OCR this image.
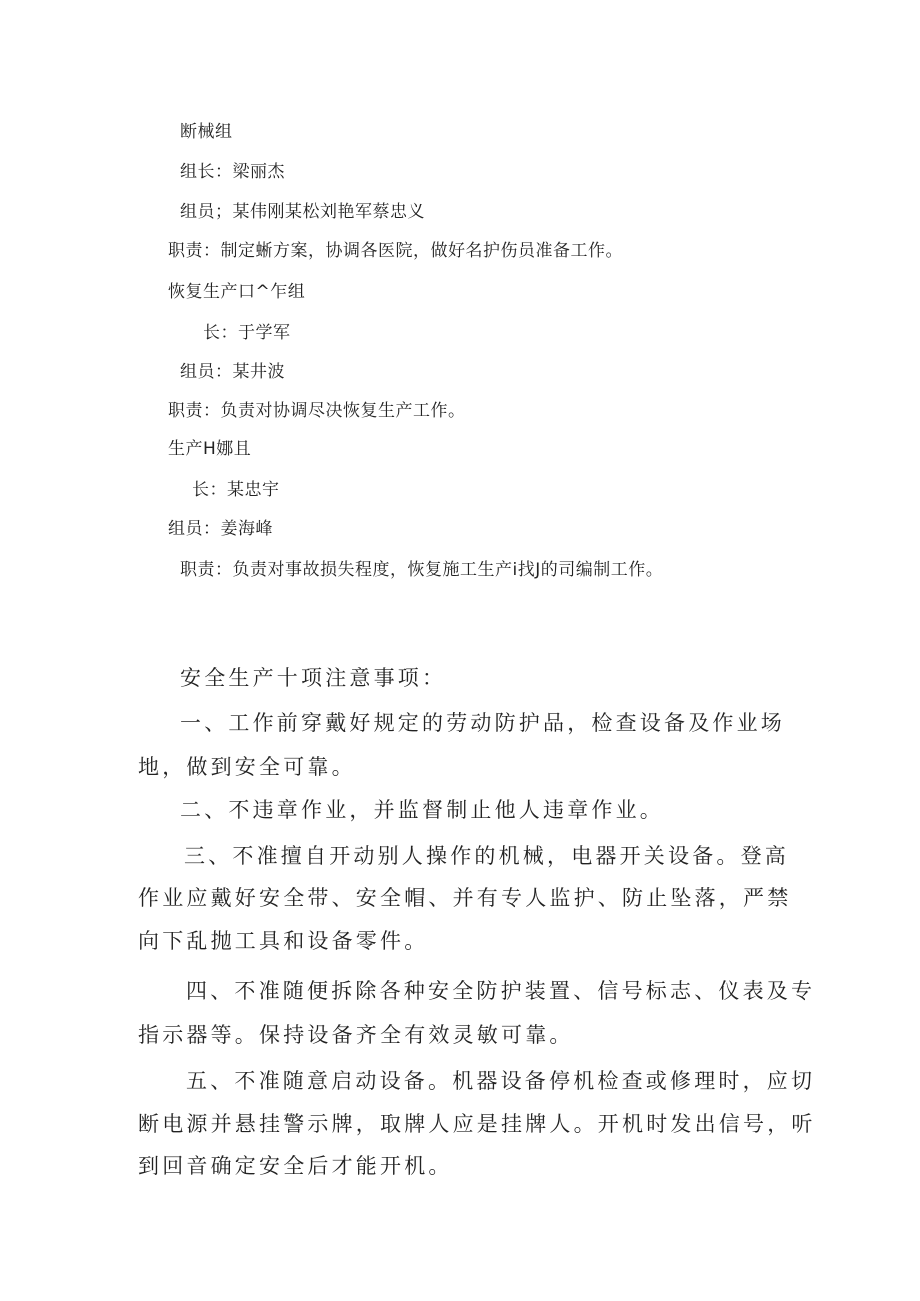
断械组
组长：梁丽杰
组员；某伟刚某松刘艳军蔡忠义
职责：制定蜥方案，协调各医院，做好名护伤员准备工作。
恢复生产口^乍组
长：于学军
组员：某井波
职责：负责对协调尽决恢复生产工作。
生产H娜且
长：某忠宇
组员：姜海峰
职责：负责对事故损失程度，恢复施工生产i找J的司编制工作。
安全生产十项注意事项：
一、工作前穿戴好规定的劳动防护品，检查设备及作业场
地，做到安全可靠。
二、不违章作业，并监督制止他人违章作业。
三、不准擅自开动别人操作的机械，电器开关设备。登高
作业应戴好安全带、安全帽、并有专人监护、防止坠落，严禁
向下乱抛工具和设备零件。
四、不准随便拆除各种安全防护装置、信号标志、仪表及专
指示器等。保持设备齐全有效灵敏可靠。
五、不准随意启动设备。机器设备停机检查或修理时，应切
断电源并悬挂警示牌，取牌人应是挂牌人。开机时发出信号，听
到回音确定安全后才能开机。
